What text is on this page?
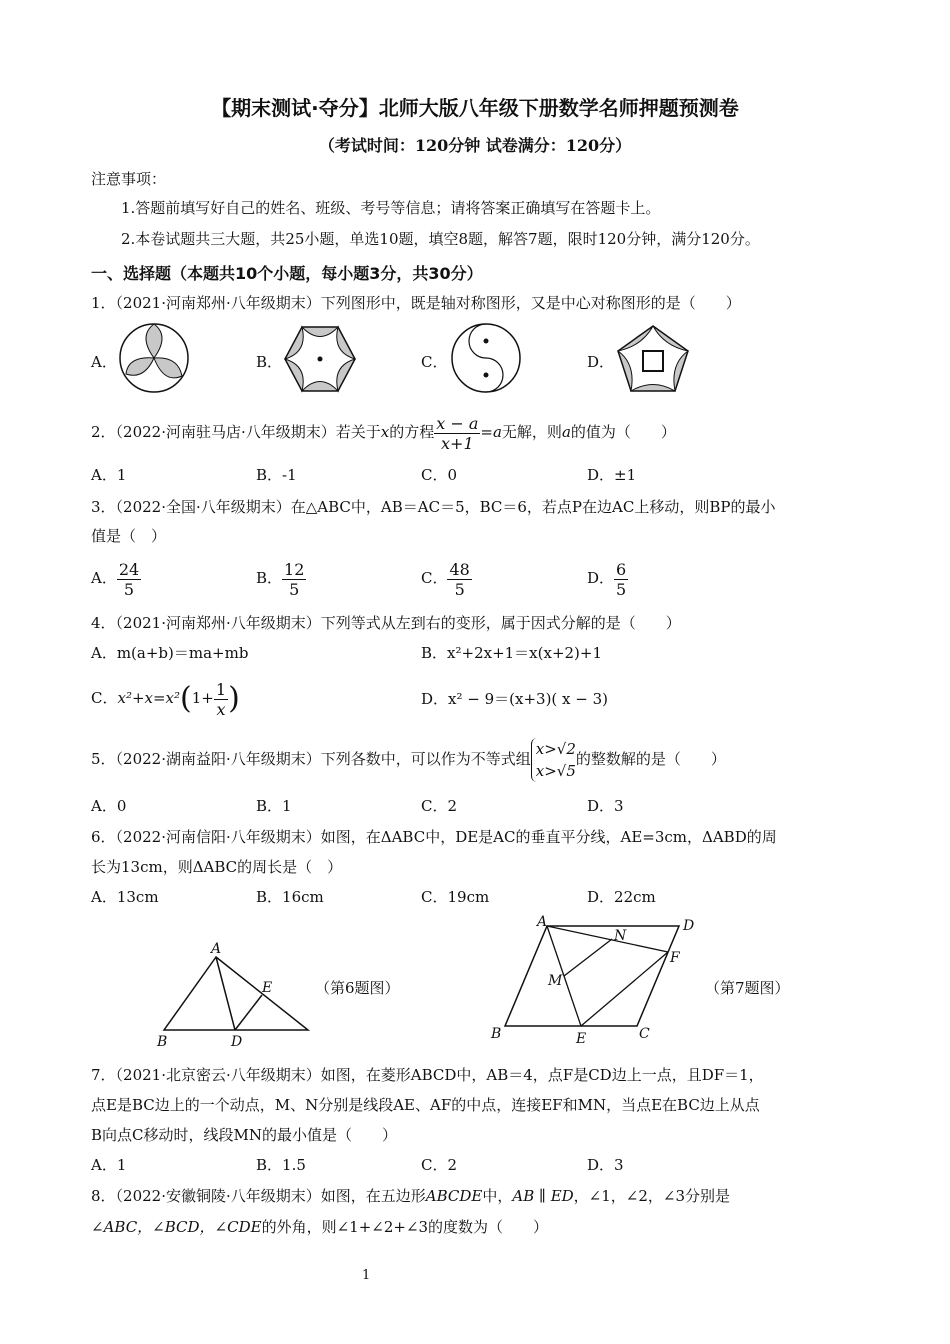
【期末测试·夺分】北师大版八年级下册数学名师押题预测卷
（考试时间：120分钟 试卷满分：120分）
注意事项：
1.答题前填写好自己的姓名、班级、考号等信息；请将答案正确填写在答题卡上。
2.本卷试题共三大题，共25小题，单选10题，填空8题，解答7题，限时120分钟，满分120分。
一、选择题（本题共10个小题，每小题3分，共30分）
1．（2021·河南郑州·八年级期末）下列图形中，既是轴对称图形，又是中心对称图形的是（　　）
A．	B．	C．	D．
2．（2022·河南驻马店·八年级期末）若关于x的方程 $\frac{x - a}{x+1} =a$无解，则a的值为（　　）
A．1	B．-1	C．0	D．±1
3．（2022·全国·八年级期末）在△ABC中，AB＝AC＝5，BC＝6，若点P在边AC上移动，则BP的最小
值是（　）
A． $\frac{24}{5}$	B． $\frac{12}{5}$	C． $\frac{48}{5}$	D． $\frac{6}{5}$
4．（2021·河南郑州·八年级期末）下列等式从左到右的变形，属于因式分解的是（　　）
A．m(a+b)＝ma+mb	B．x²+2x+1＝x(x+2)+1
C．$x^2+x=x^2(1+ \frac{1}{x}$ )	D．x² − 9＝(x+3)( x − 3)
5．（2022·湖南益阳·八年级期末）下列各数中，可以作为不等式组
x>√2
x>√5
的整数解的是（　　）
A．0	B．1	C．2	D．3
6．（2022·河南信阳·八年级期末）如图，在ΔABC中，DE是AC的垂直平分线，AE=3cm，ΔABD的周
长为13cm，则ΔABC的周长是（　）
A．13cm	B．16cm	C．19cm	D．22cm
A
E
B	D
（第6题图）
A
N
D
F
M
B	E	C
（第7题图）
7．（2021·北京密云·八年级期末）如图，在菱形ABCD中，AB＝4，点F是CD边上一点，且DF＝1，
点E是BC边上的一个动点，M、N分别是线段AE、AF的中点，连接EF和MN，当点E在BC边上从点
B向点C移动时，线段MN的最小值是（　　）
A．1	B．1.5	C．2	D．3
8．（2022·安徽铜陵·八年级期末）如图，在五边形ABCDE中，AB ∥ ED，∠1，∠2，∠3分别是
∠ABC，∠BCD，∠CDE的外角，则∠1+∠2+∠3的度数为（　　）
1
